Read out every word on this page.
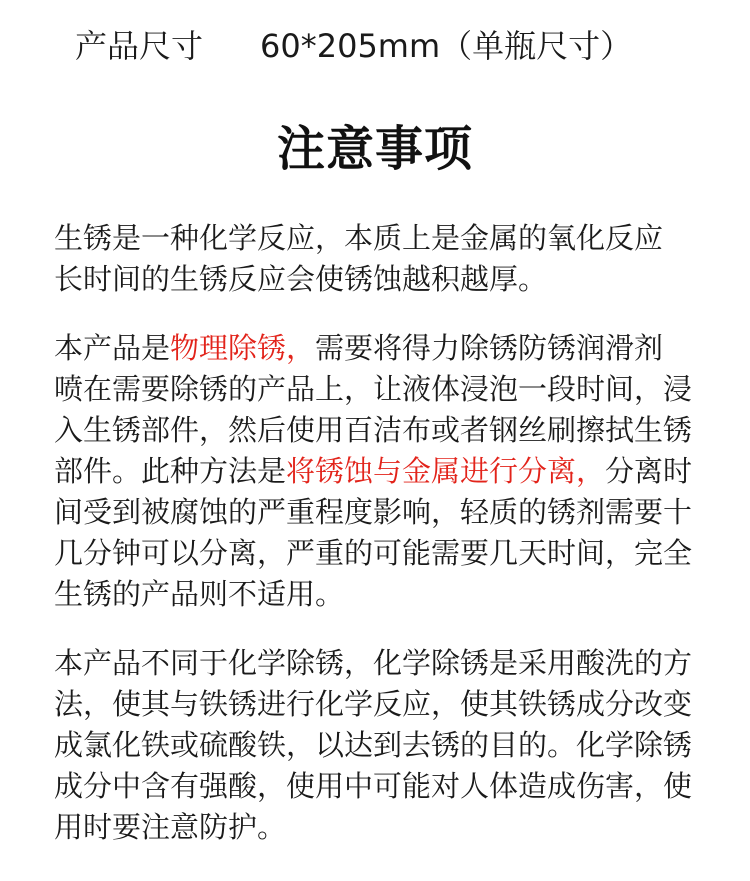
产品尺寸	60*205mm（单瓶尺寸）
注意事项
生锈是一种化学反应，本质上是金属的氧化反应
长时间的生锈反应会使锈蚀越积越厚。
本产品是物理除锈，需要将得力除锈防锈润滑剂
喷在需要除锈的产品上，让液体浸泡一段时间，浸
入生锈部件，然后使用百洁布或者钢丝刷擦拭生锈
部件。此种方法是将锈蚀与金属进行分离，分离时
间受到被腐蚀的严重程度影响，轻质的锈剂需要十
几分钟可以分离，严重的可能需要几天时间，完全
生锈的产品则不适用。
本产品不同于化学除锈，化学除锈是采用酸洗的方
法，使其与铁锈进行化学反应，使其铁锈成分改变
成氯化铁或硫酸铁，以达到去锈的目的。化学除锈
成分中含有强酸，使用中可能对人体造成伤害，使
用时要注意防护。
